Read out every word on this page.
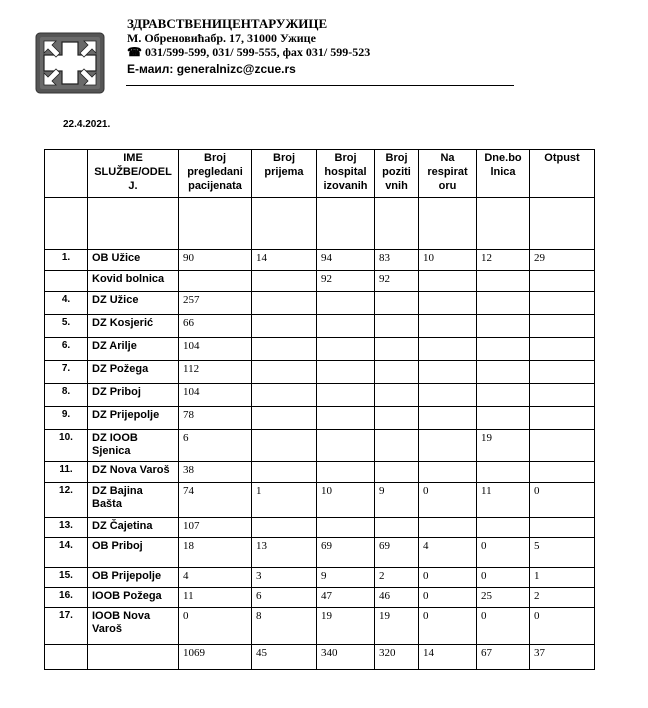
ЗДРАВСТВЕНИЦЕНТАРУЖИЦЕ
М. Обреновићабр. 17, 31000 Ужице
☎ 031/599-599, 031/ 599-555, фах 031/ 599-523
Е-маил: generalnizc@zcue.rs
22.4.2021.
	IME SLUŽBE/ODEL J.	Broj pregledani pacijenata	Broj prijema	Broj hospital izovanih	Broj poziti vnih	Na respirat oru	Dne.bo lnica	Otpust

1.	OB Užice	90	14	94	83	10	12	29
	Kovid bolnica			92	92			
4.	DZ Užice	257						
5.	DZ Kosjerić	66						
6.	DZ Arilje	104						
7.	DZ Požega	112						
8.	DZ Priboj	104						
9.	DZ Prijepolje	78						
10.	DZ IOOB Sjenica	6					19	
11.	DZ Nova Varoš	38						
12.	DZ Bajina Bašta	74	1	10	9	0	11	0
13.	DZ Čajetina	107						
14.	OB Priboj	18	13	69	69	4	0	5
15.	OB Prijepolje	4	3	9	2	0	0	1
16.	IOOB Požega	11	6	47	46	0	25	2
17.	IOOB Nova Varoš	0	8	19	19	0	0	0
		1069	45	340	320	14	67	37
